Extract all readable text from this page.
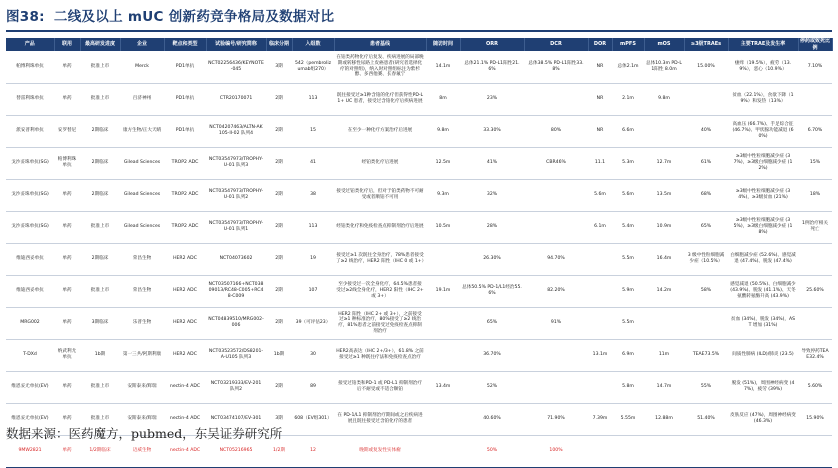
图38: 二线及以上 mUC 创新药竞争格局及数据对比
产品	联用	最高研发进度	企业	靶点和类型	试验编号/研究简称	临床分期	入组数	患者基线	随访时间	ORR	DCR	DOR	mPFS	mOS	≥3级TRAEs	主要TRAE及发生率	停药或致死比例
帕博利珠单抗	单药	批准上市	Merck	PD1单抗	NCT02256436/KEYNOTE-045	3期	542（pembrolizumab组270）	在铂类药物化疗后复发、疾病进展的局部晚期或转移性尿路上皮癌患者(研究者选择化疗的对照组)，纳入时对照组标注为紫杉醇、多西他赛、长春氟宁	14.1m	总体21.1% PD-L1阳性21.6%	总体38.5% PD-L1阳性33.8%	NR	总体2.1m	总体10.3m PD-L1阳性 8.0m	15.00%	瘙痒（19.5%），疲劳（13.9%），恶心（10.9%）	7.10%
替雷利珠单抗	单药	批准上市	百济神州	PD1单抗	CTR20170071	2期	113	既往接受过≥1种含铂的化疗但获得性PD-L1+ UC 患者，接受过含铂化疗后疾病进展	8m	23%		NR	2.1m	9.8m		贫血（22.1%），食欲下降（19%）和发热（13%）	
派安普利单抗	安罗替尼	2期临床	康方生物/正大天晴	PD1单抗	NCT04207463/ALTN-AK105-II-02 队列4	2期	15	在至少一种化疗方案治疗后进展	9.8m	33.30%	80%	NR	6.6m		40%	高血压 (66.7%)、手足综合征 (46.7%)、甲状腺功能减退 (60%)	6.70%
戈沙妥珠单抗(SG)	帕博利珠单抗	2期临床	Gilead Sciences	TROP2 ADC	NCT03547973/TROPHY-U-01 队列3	2期	41	经铂类化疗后进展	12.5m	41%	CBR46%	11.1	5.3m	12.7m	61%	≥3级中性粒细胞减少症 (37%)，≥3级白细胞减少症 (12%)	15%
戈沙妥珠单抗(SG)	单药	2期临床	Gilead Sciences	TROP2 ADC	NCT03547973/TROPHY-U-01 队列2	2期	38	接受过铂类化疗后，但对于铂类药物不可耐受或者顺铂不可用	9.3m	32%		5.6m	5.6m	13.5m	68%	≥3级中性粒细胞减少症 (34%)，≥3级贫血 (21%)	18%
戈沙妥珠单抗(SG)	单药	批准上市	Gilead Sciences	TROP2 ADC	NCT03547973/TROPHY-U-01 队列1	2期	113	经铂类化疗和免疫检查点抑制剂治疗后进展	10.5m	28%		6.1m	5.4m	10.9m	65%	≥3级中性粒细胞减少症 (35%)，≥3级白细胞减少症 (18%)	1例治疗相关死亡
维迪西妥单抗	单药	2期临床	荣昌生物	HER2 ADC	NCT04073602	2期	19	接受过≥1 次既往全身治疗，78%患者接受了≥2 线治疗，HER2 阳性（IHC 0 或 1+）		26.30%	94.70%		5.5m	16.4m	3 级中性粒细胞减少症（10.5%）	白细胞减少症 (52.6%)、感觉减退 (47.4%)、脱发 (47.4%)	
维迪西妥单抗	单药	批准上市	荣昌生物	HER2 ADC	NCT03507166+NCT03809013/RC48-C005+RC48-C009	2期	107	至少接受过一次全身化疗，64.5%患者接受过≥2线全身化疗，HER2 阳性（IHC 2+ 或 3+）	19.1m	总体50.5% PD-1/L1经治55.6%	82.20%		5.9m	14.2m	58%	感觉减退 (50.5%)、白细胞减少 (43.9%)、脱发 (41.1%)、天冬氨酸转氨酶升高 (43.9%)	25.60%
MRG002	单药	3期临床	乐普生物	HER2 ADC	NCT04839510/MRG002-006	2期	39（可评估23）	HER2 阳性（IHC 2+ 或 3+），之前接受过≥1 种标准治疗，80%接受了≥2 线治疗，81%患者之前接受过免疫检查点抑制剂治疗		65%	91%		5.5m			贫血 (34%)，脱发 (34%)，AST 增加 (31%)	
T-DXd	纳武利尤单抗	1b期	第一三共/阿斯利康	HER2 ADC	NCT03523572/DS8201-A-U105 队列3	1b期	30	HER2高表达（IHC 2+/3+），61.8% 之前接受过≥1 种既往疗法和免疫检查点治疗		36.70%		13.1m	6.9m	11m	TEAE73.5%	间质性肺病 (ILD)/肺炎 (23.5)	导致停药TEAE32.4%
维恩妥尤单抗(EV)	单药	批准上市	安斯泰来/辉瑞	nectin-4 ADC	NCT03219333/EV-201 队列2	2期	89	接受过铂类和PD-1 或 PD-L1 抑制剂治疗后不耐受或不适合顺铂	13.4m	52%			5.8m	14.7m	55%	脱发 (51%)，周围神经病变 (47%)，疲劳 (39%)	5.60%
维恩妥尤单抗(EV)	单药	批准上市	安斯泰来/辉瑞	nectin-4 ADC	NCT03474107/EV-301	3期	608（EV组301）	在 PD-1/L1 抑制剂治疗期间或之后疾病进展且既往接受过含铂化疗的患者		40.60%	71.90%	7.39m	5.55m	12.88m	51.40%	皮肤反应 (47%)，周围神经病变 (46.3%)	15.90%
9MW2821	单药	1/2期临床	迈威生物	nectin-4 ADC	NCT05216965	1/2期	12	晚期或复发性实体瘤		50%	100%						
数据来源：医药魔方，pubmed，东吴证券研究所
